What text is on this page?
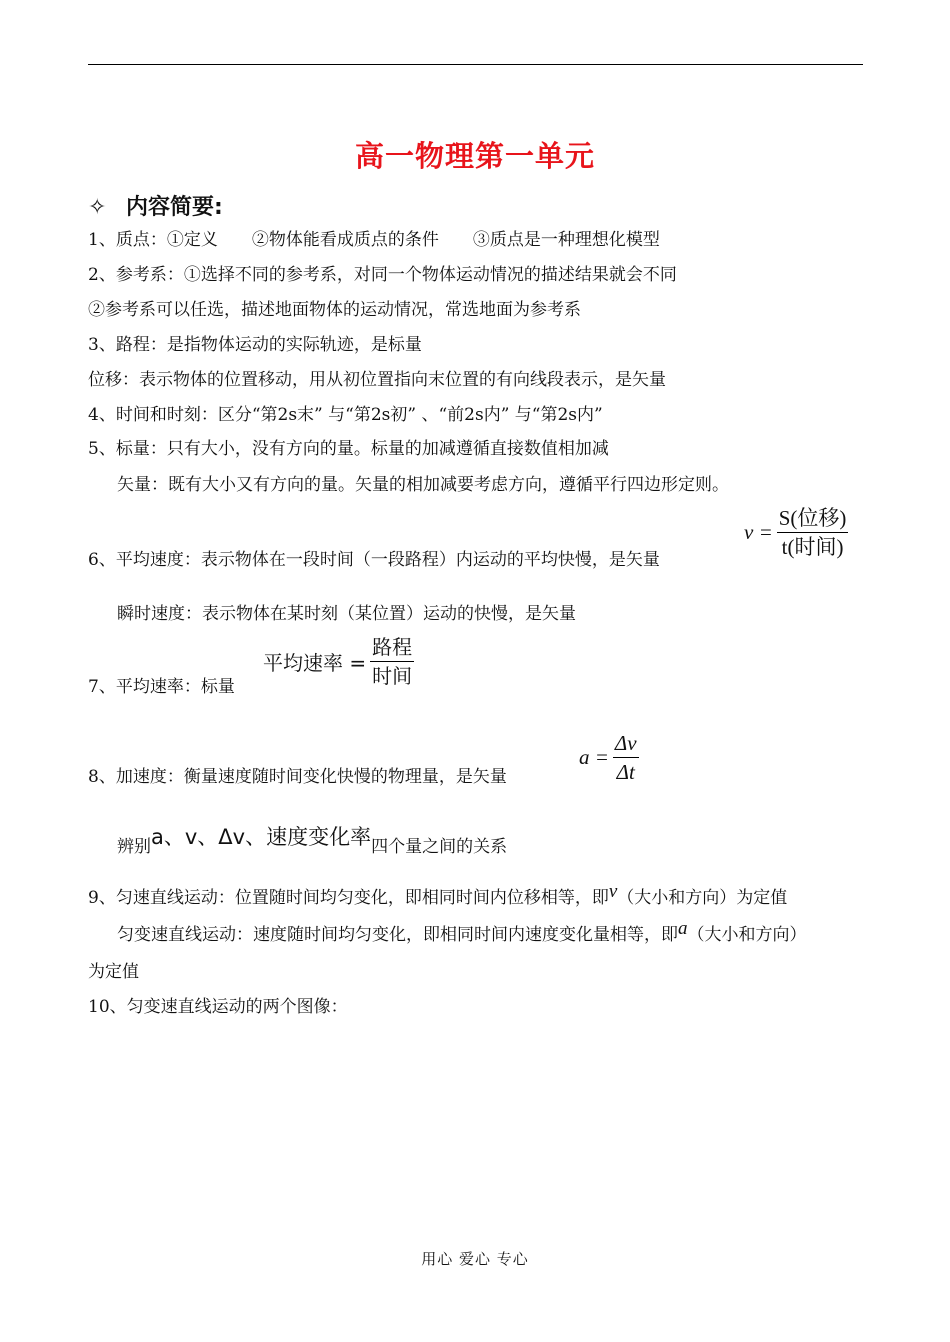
高一物理第一单元
✧ 内容简要:
1、质点：①定义　　②物体能看成质点的条件　　③质点是一种理想化模型
2、参考系：①选择不同的参考系，对同一个物体运动情况的描述结果就会不同
②参考系可以任选，描述地面物体的运动情况，常选地面为参考系
3、路程：是指物体运动的实际轨迹，是标量
位移：表示物体的位置移动，用从初位置指向末位置的有向线段表示，是矢量
4、时间和时刻：区分“第2s末” 与“第2s初” 、“前2s内” 与“第2s内”
5、标量：只有大小，没有方向的量。标量的加减遵循直接数值相加减
矢量：既有大小又有方向的量。矢量的相加减要考虑方向，遵循平行四边形定则。
$v = \frac{\text{S(位移)}}{\text{t(时间)}}$
6、平均速度：表示物体在一段时间（一段路程）内运动的平均快慢，是矢量
瞬时速度：表示物体在某时刻（某位置）运动的快慢，是矢量
平均速率 = $\frac{\text{路程}}{\text{时间}}$
7、平均速率：标量
$a = \frac{\Delta v}{\Delta t}$
8、加速度：衡量速度随时间变化快慢的物理量，是矢量
辨别a、v、Δv、速度变化率四个量之间的关系
9、匀速直线运动：位置随时间均匀变化，即相同时间内位移相等，即v（大小和方向）为定值
匀变速直线运动：速度随时间均匀变化，即相同时间内速度变化量相等，即a（大小和方向）
为定值
10、匀变速直线运动的两个图像：
用心 爱心 专心
